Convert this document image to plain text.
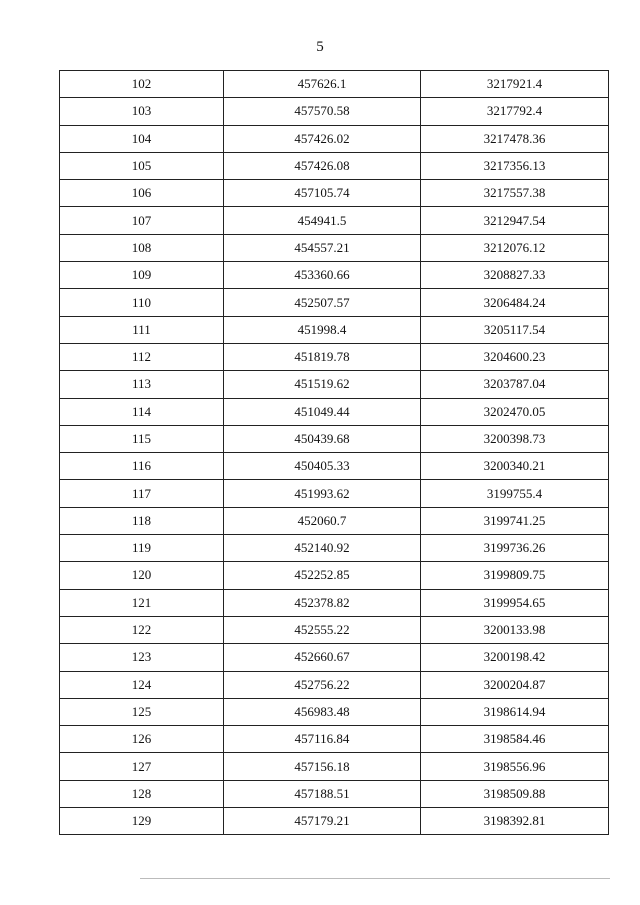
5
102	457626.1	3217921.4
103	457570.58	3217792.4
104	457426.02	3217478.36
105	457426.08	3217356.13
106	457105.74	3217557.38
107	454941.5	3212947.54
108	454557.21	3212076.12
109	453360.66	3208827.33
110	452507.57	3206484.24
111	451998.4	3205117.54
112	451819.78	3204600.23
113	451519.62	3203787.04
114	451049.44	3202470.05
115	450439.68	3200398.73
116	450405.33	3200340.21
117	451993.62	3199755.4
118	452060.7	3199741.25
119	452140.92	3199736.26
120	452252.85	3199809.75
121	452378.82	3199954.65
122	452555.22	3200133.98
123	452660.67	3200198.42
124	452756.22	3200204.87
125	456983.48	3198614.94
126	457116.84	3198584.46
127	457156.18	3198556.96
128	457188.51	3198509.88
129	457179.21	3198392.81
